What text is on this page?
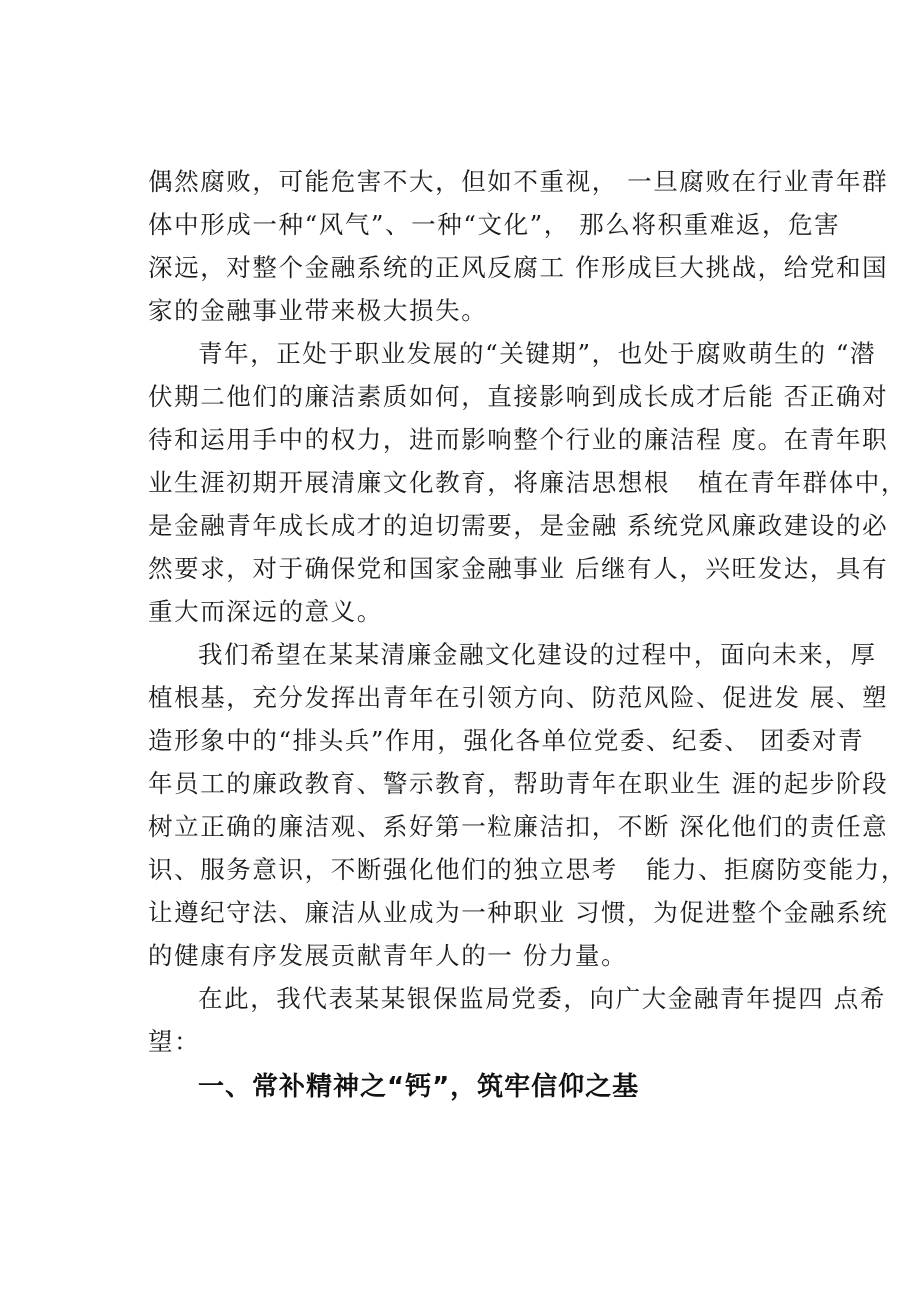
偶然腐败，可能危害不大，但如不重视， 一旦腐败在行业青年群
体中形成一种“风气”、一种“文化”， 那么将积重难返，危害
深远，对整个金融系统的正风反腐工 作形成巨大挑战，给党和国
家的金融事业带来极大损失。
青年，正处于职业发展的“关键期”，也处于腐败萌生的 “潜
伏期二他们的廉洁素质如何，直接影响到成长成才后能 否正确对
待和运用手中的权力，进而影响整个行业的廉洁程 度。在青年职
业生涯初期开展清廉文化教育，将廉洁思想根   植在青年群体中，
是金融青年成长成才的迫切需要，是金融 系统党风廉政建设的必
然要求，对于确保党和国家金融事业 后继有人，兴旺发达，具有
重大而深远的意义。
我们希望在某某清廉金融文化建设的过程中，面向未来，厚
植根基，充分发挥出青年在引领方向、防范风险、促进发 展、塑
造形象中的“排头兵”作用，强化各单位党委、纪委、 团委对青
年员工的廉政教育、警示教育，帮助青年在职业生 涯的起步阶段
树立正确的廉洁观、系好第一粒廉洁扣，不断 深化他们的责任意
识、服务意识，不断强化他们的独立思考   能力、拒腐防变能力，
让遵纪守法、廉洁从业成为一种职业 习惯，为促进整个金融系统
的健康有序发展贡献青年人的一 份力量。
在此，我代表某某银保监局党委，向广大金融青年提四 点希
望：
一、常补精神之“钙”，筑牢信仰之基
